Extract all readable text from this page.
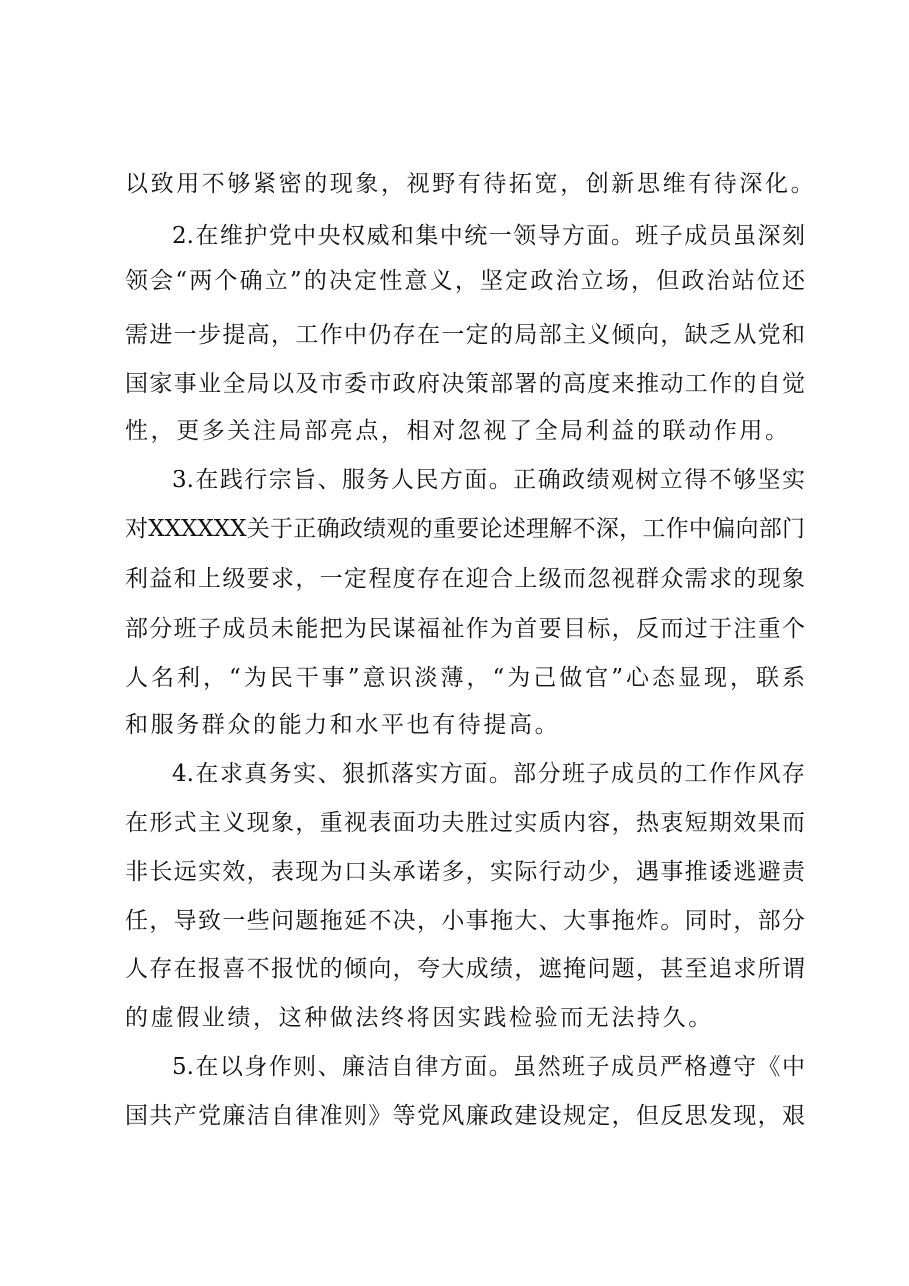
以致用不够紧密的现象，视野有待拓宽，创新思维有待深化。
2.在维护党中央权威和集中统一领导方面。班子成员虽深刻
领会“两个确立”的决定性意义，坚定政治立场，但政治站位还
需进一步提高，工作中仍存在一定的局部主义倾向，缺乏从党和
国家事业全局以及市委市政府决策部署的高度来推动工作的自觉
性，更多关注局部亮点，相对忽视了全局利益的联动作用。
3.在践行宗旨、服务人民方面。正确政绩观树立得不够坚实
对XXXXXX关于正确政绩观的重要论述理解不深，工作中偏向部门
利益和上级要求，一定程度存在迎合上级而忽视群众需求的现象
部分班子成员未能把为民谋福祉作为首要目标，反而过于注重个
人名利，“为民干事”意识淡薄，“为己做官”心态显现，联系
和服务群众的能力和水平也有待提高。
4.在求真务实、狠抓落实方面。部分班子成员的工作作风存
在形式主义现象，重视表面功夫胜过实质内容，热衷短期效果而
非长远实效，表现为口头承诺多，实际行动少，遇事推诿逃避责
任，导致一些问题拖延不决，小事拖大、大事拖炸。同时，部分
人存在报喜不报忧的倾向，夸大成绩，遮掩问题，甚至追求所谓
的虚假业绩，这种做法终将因实践检验而无法持久。
5.在以身作则、廉洁自律方面。虽然班子成员严格遵守《中
国共产党廉洁自律准则》等党风廉政建设规定，但反思发现，艰
